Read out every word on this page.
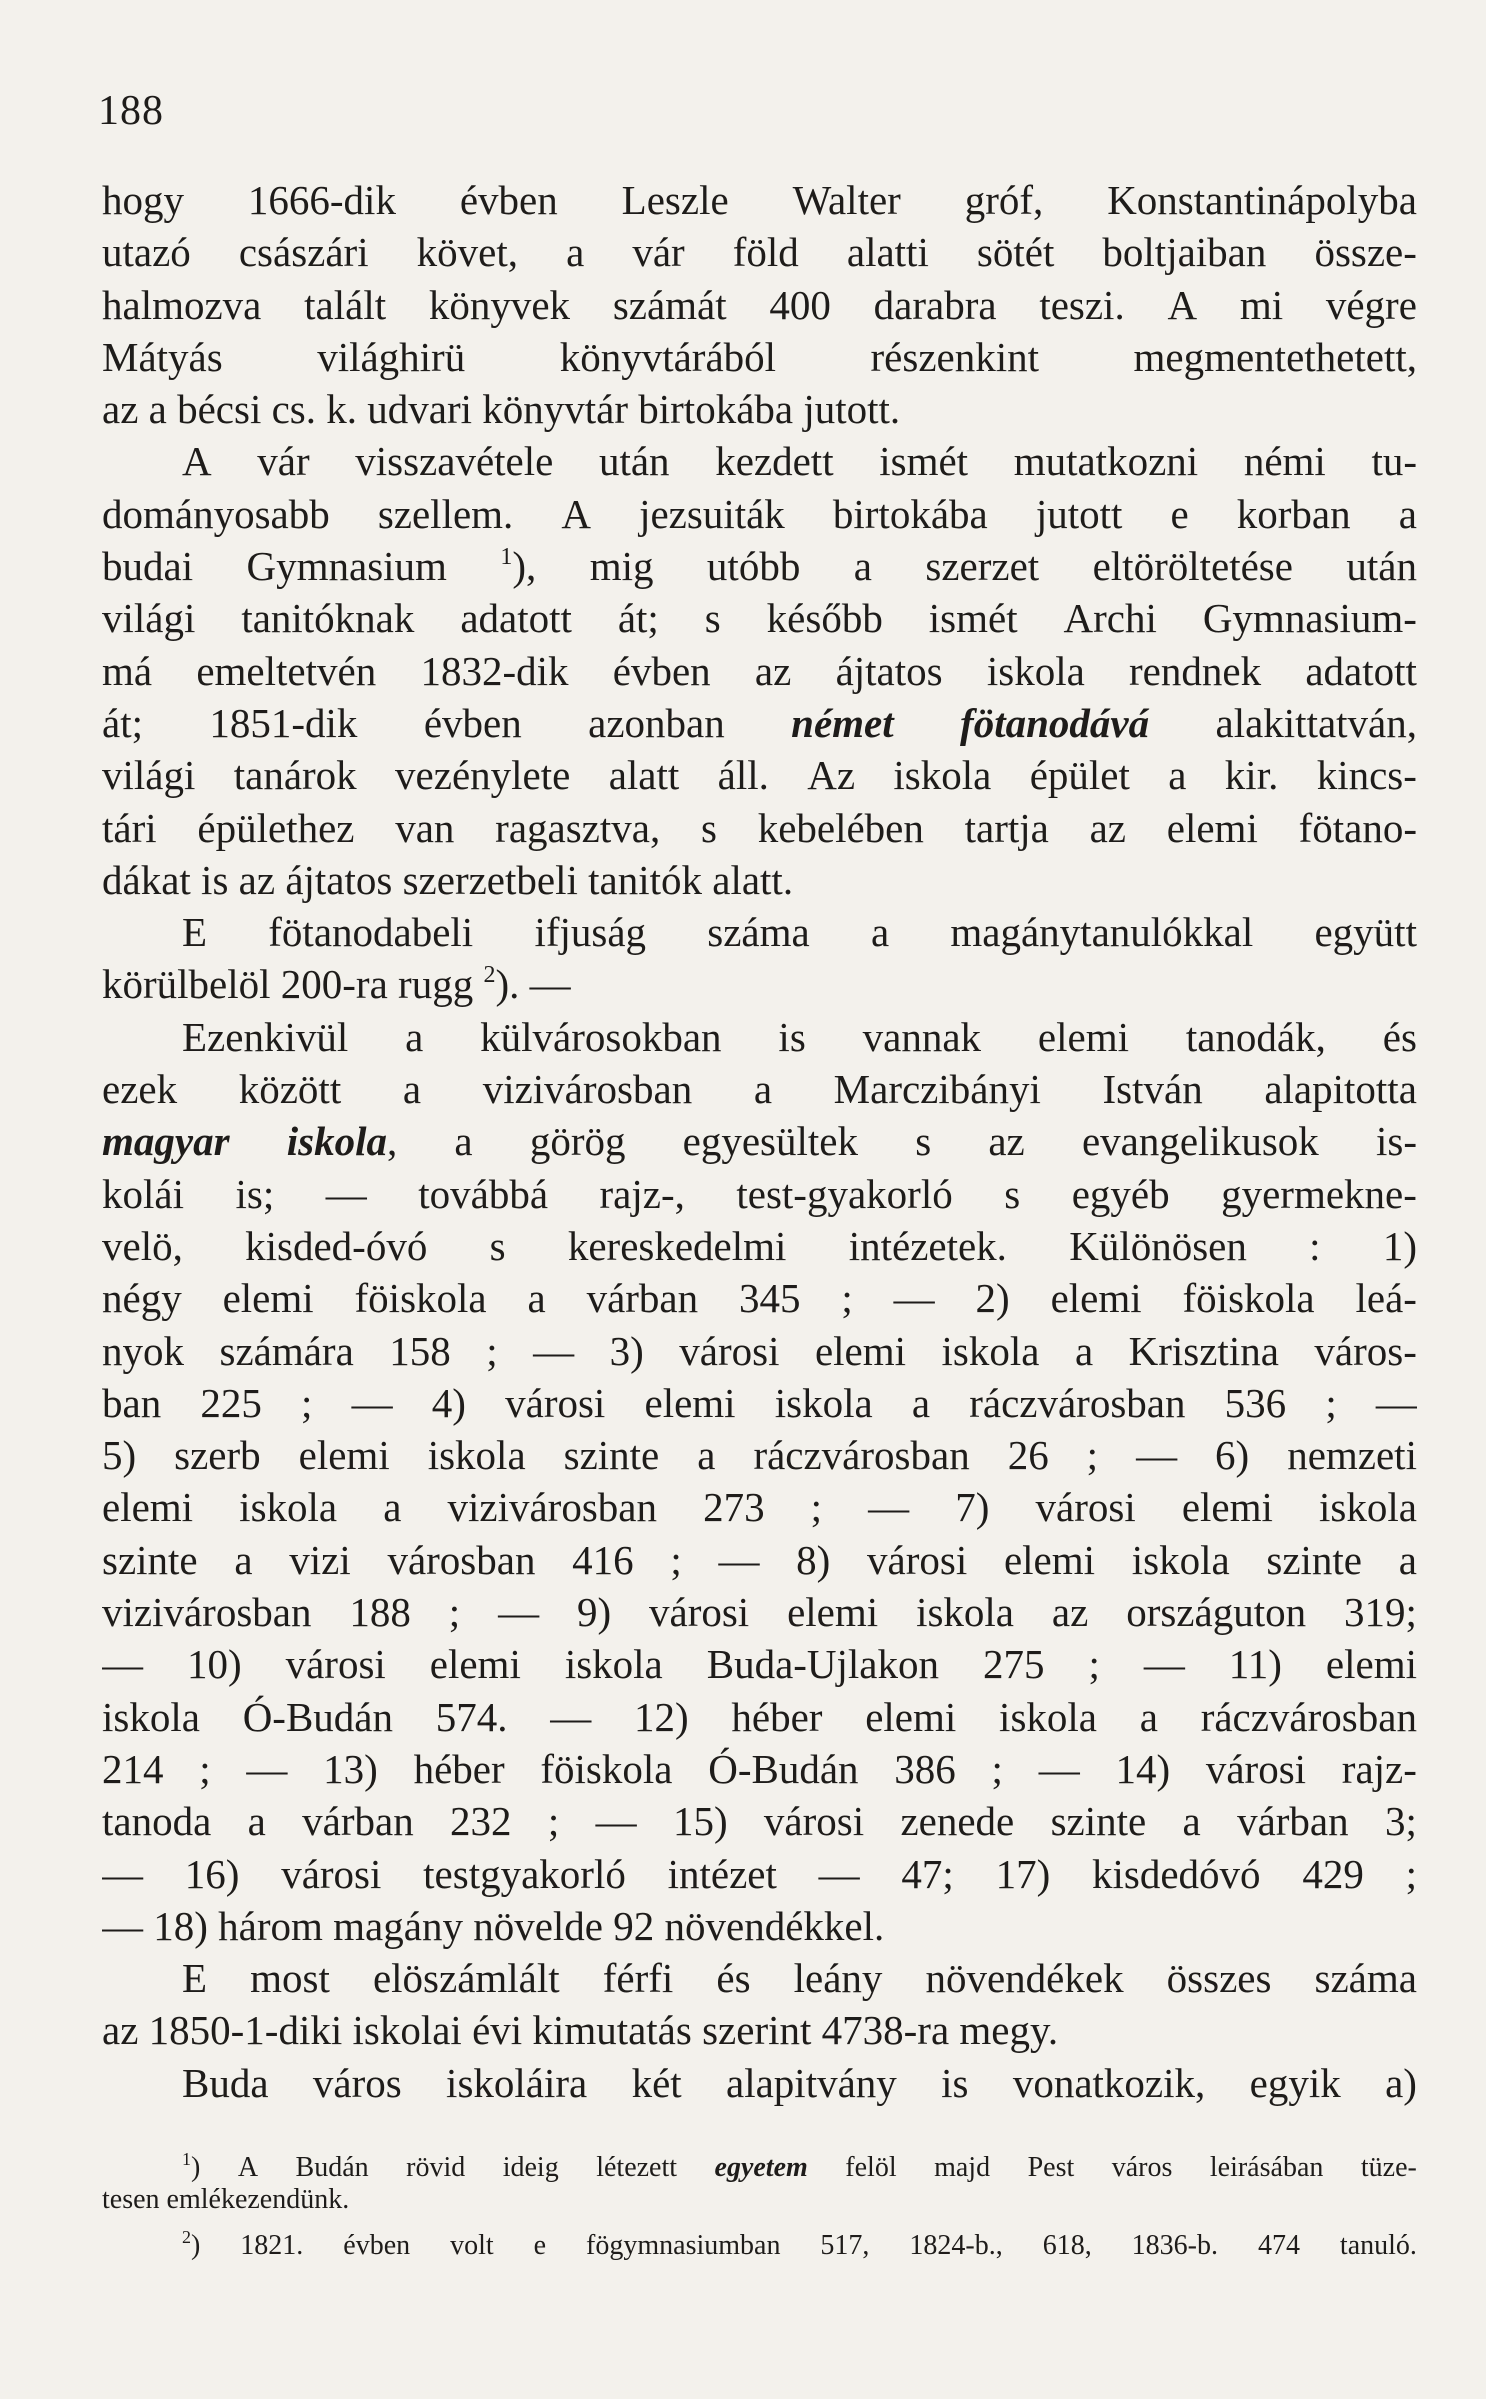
188
hogy 1666-dik évben Leszle Walter gróf, Konstantinápolyba
utazó császári követ, a vár föld alatti sötét boltjaiban össze-
halmozva talált könyvek számát 400 darabra teszi. A mi végre
Mátyás világhirü könyvtárából részenkint megmentethetett,
az a bécsi cs. k. udvari könyvtár birtokába jutott.
A vár visszavétele után kezdett ismét mutatkozni némi tu-
dományosabb szellem. A jezsuiták birtokába jutott e korban a
budai Gymnasium $^1$), mig utóbb a szerzet eltöröltetése után
világi tanitóknak adatott át; s később ismét Archi Gymnasium-
má emeltetvén 1832-dik évben az ájtatos iskola rendnek adatott
át; 1851-dik évben azonban német fötanodává alakittatván,
világi tanárok vezénylete alatt áll. Az iskola épület a kir. kincs-
tári épülethez van ragasztva, s kebelében tartja az elemi fötano-
dákat is az ájtatos szerzetbeli tanitók alatt.
E fötanodabeli ifjuság száma a magánytanulókkal együtt
körülbelöl 200-ra rugg $^2$). —
Ezenkivül a külvárosokban is vannak elemi tanodák, és
ezek között a vizivárosban a Marczibányi István alapitotta
magyar iskola, a görög egyesültek s az evangelikusok is-
kolái is; — továbbá rajz-, test-gyakorló s egyéb gyermekne-
velö, kisded-óvó s kereskedelmi intézetek. Különösen : 1)
négy elemi föiskola a várban 345 ; — 2) elemi föiskola leá-
nyok számára 158 ; — 3) városi elemi iskola a Krisztina város-
ban 225 ; — 4) városi elemi iskola a ráczvárosban 536 ; —
5) szerb elemi iskola szinte a ráczvárosban 26 ; — 6) nemzeti
elemi iskola a vizivárosban 273 ; — 7) városi elemi iskola
szinte a vizi városban 416 ; — 8) városi elemi iskola szinte a
vizivárosban 188 ; — 9) városi elemi iskola az országuton 319;
— 10) városi elemi iskola Buda-Ujlakon 275 ; — 11) elemi
iskola Ó-Budán 574. — 12) héber elemi iskola a ráczvárosban
214 ; — 13) héber föiskola Ó-Budán 386 ; — 14) városi rajz-
tanoda a várban 232 ; — 15) városi zenede szinte a várban 3;
— 16) városi testgyakorló intézet — 47; 17) kisdedóvó 429 ;
— 18) három magány növelde 92 növendékkel.
E most elöszámlált férfi és leány növendékek összes száma
az 1850-1-diki iskolai évi kimutatás szerint 4738-ra megy.
Buda város iskoláira két alapitvány is vonatkozik, egyik a)
$^1$) A Budán rövid ideig létezett egyetem felöl majd Pest város leirásában tüze-
tesen emlékezendünk.
$^2$) 1821. évben volt e fögymnasiumban 517, 1824-b., 618, 1836-b. 474 tanuló.
